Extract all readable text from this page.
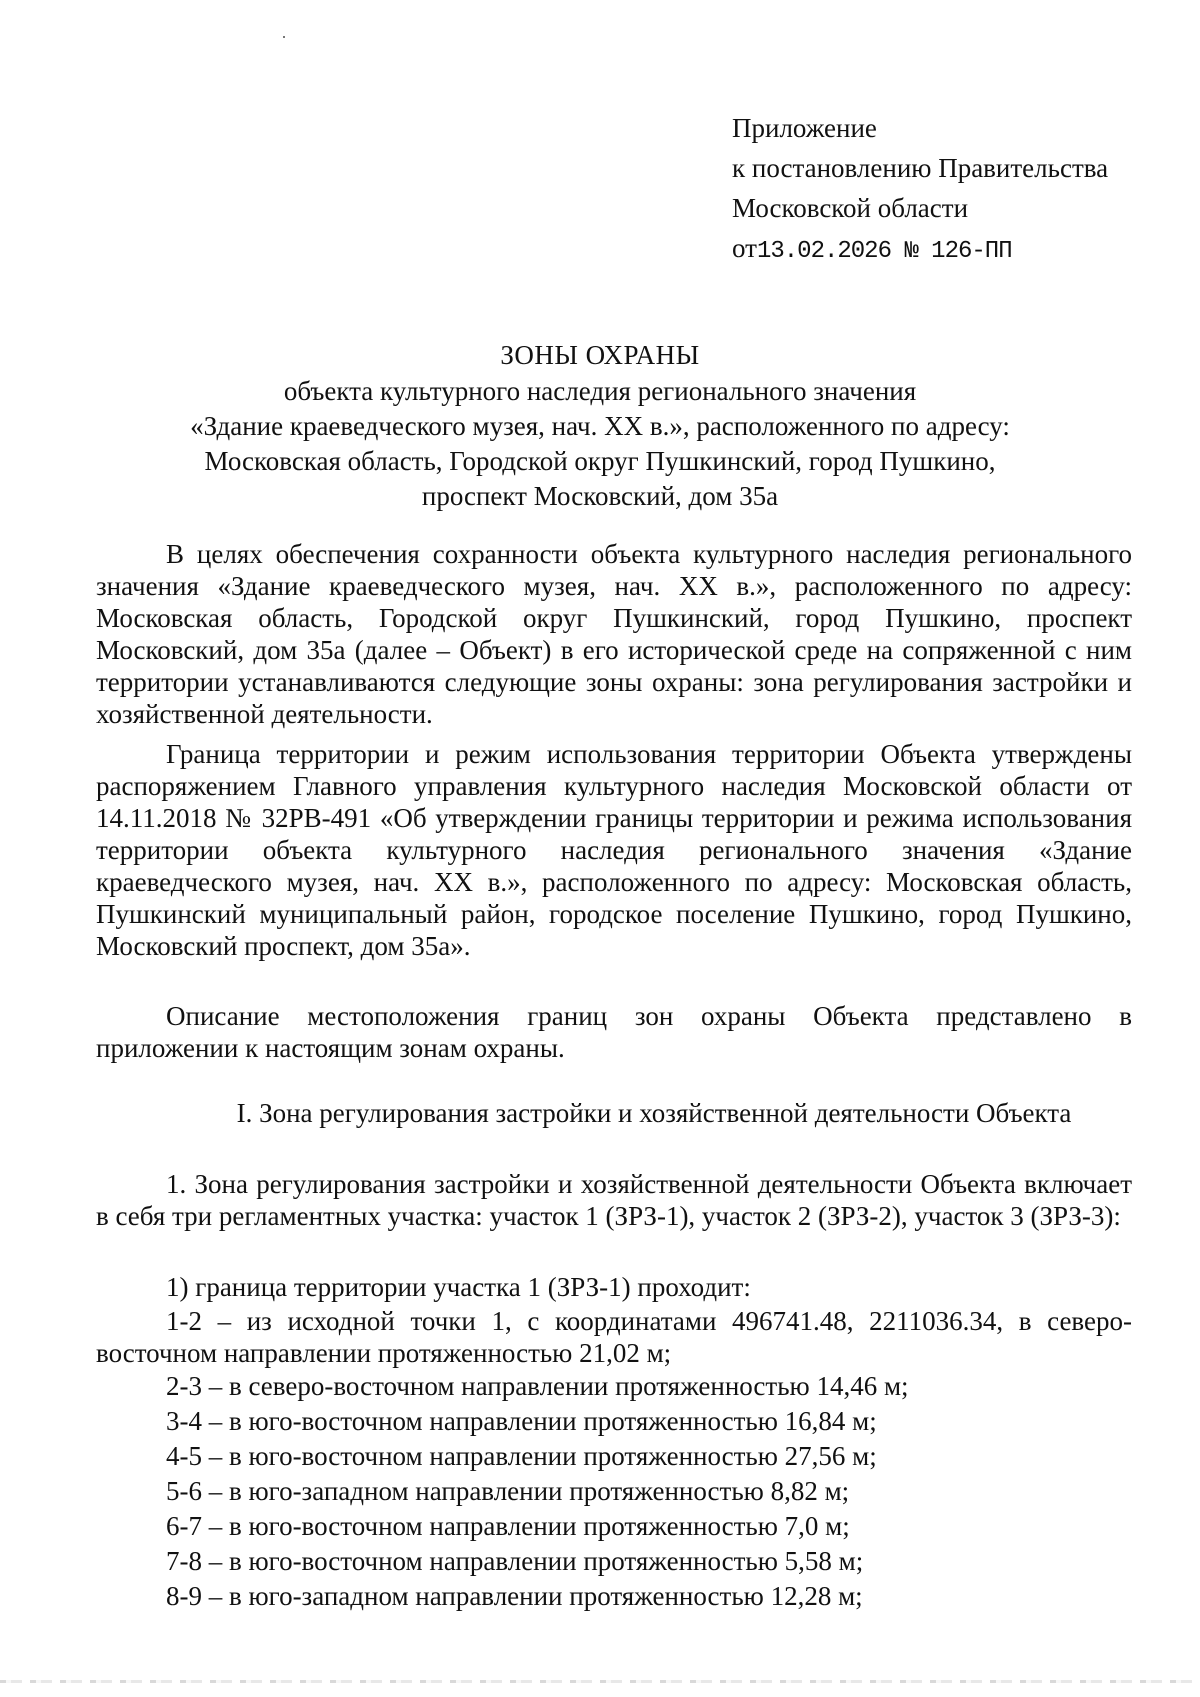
Приложение
к постановлению Правительства
Московской области
от13.02.2026 № 126-ПП
ЗОНЫ ОХРАНЫ
объекта культурного наследия регионального значения
«Здание краеведческого музея, нач. XX в.», расположенного по адресу:
Московская область, Городской округ Пушкинский, город Пушкино,
проспект Московский, дом 35а

В целях обеспечения сохранности объекта культурного наследия регионального значения «Здание краеведческого музея, нач. XX в.», расположенного по адресу: Московская область, Городской округ Пушкинский, город Пушкино, проспект Московский, дом 35а (далее – Объект) в его исторической среде на сопряженной с ним территории устанавливаются следующие зоны охраны: зона регулирования застройки и хозяйственной деятельности.

Граница территории и режим использования территории Объекта утверждены распоряжением Главного управления культурного наследия Московской области от 14.11.2018 № 32РВ-491 «Об утверждении границы территории и режима использования территории объекта культурного наследия регионального значения «Здание краеведческого музея, нач. XX в.», расположенного по адресу: Московская область, Пушкинский муниципальный район, городское поселение Пушкино, город Пушкино, Московский проспект, дом 35а».

Описание местоположения границ зон охраны Объекта представлено в приложении к настоящим зонам охраны.

I. Зона регулирования застройки и хозяйственной деятельности Объекта

1. Зона регулирования застройки и хозяйственной деятельности Объекта включает в себя три регламентных участка: участок 1 (ЗРЗ-1), участок 2 (ЗРЗ-2), участок 3 (ЗРЗ-3):

1) граница территории участка 1 (ЗРЗ-1) проходит:

1-2 – из исходной точки 1, с координатами 496741.48, 2211036.34, в северо-восточном направлении протяженностью 21,02 м;

2-3 – в северо-восточном направлении протяженностью 14,46 м;

3-4 – в юго-восточном направлении протяженностью 16,84 м;

4-5 – в юго-восточном направлении протяженностью 27,56 м;

5-6 – в юго-западном направлении протяженностью 8,82 м;

6-7 – в юго-восточном направлении протяженностью 7,0 м;

7-8 – в юго-восточном направлении протяженностью 5,58 м;

8-9 – в юго-западном направлении протяженностью 12,28 м;
